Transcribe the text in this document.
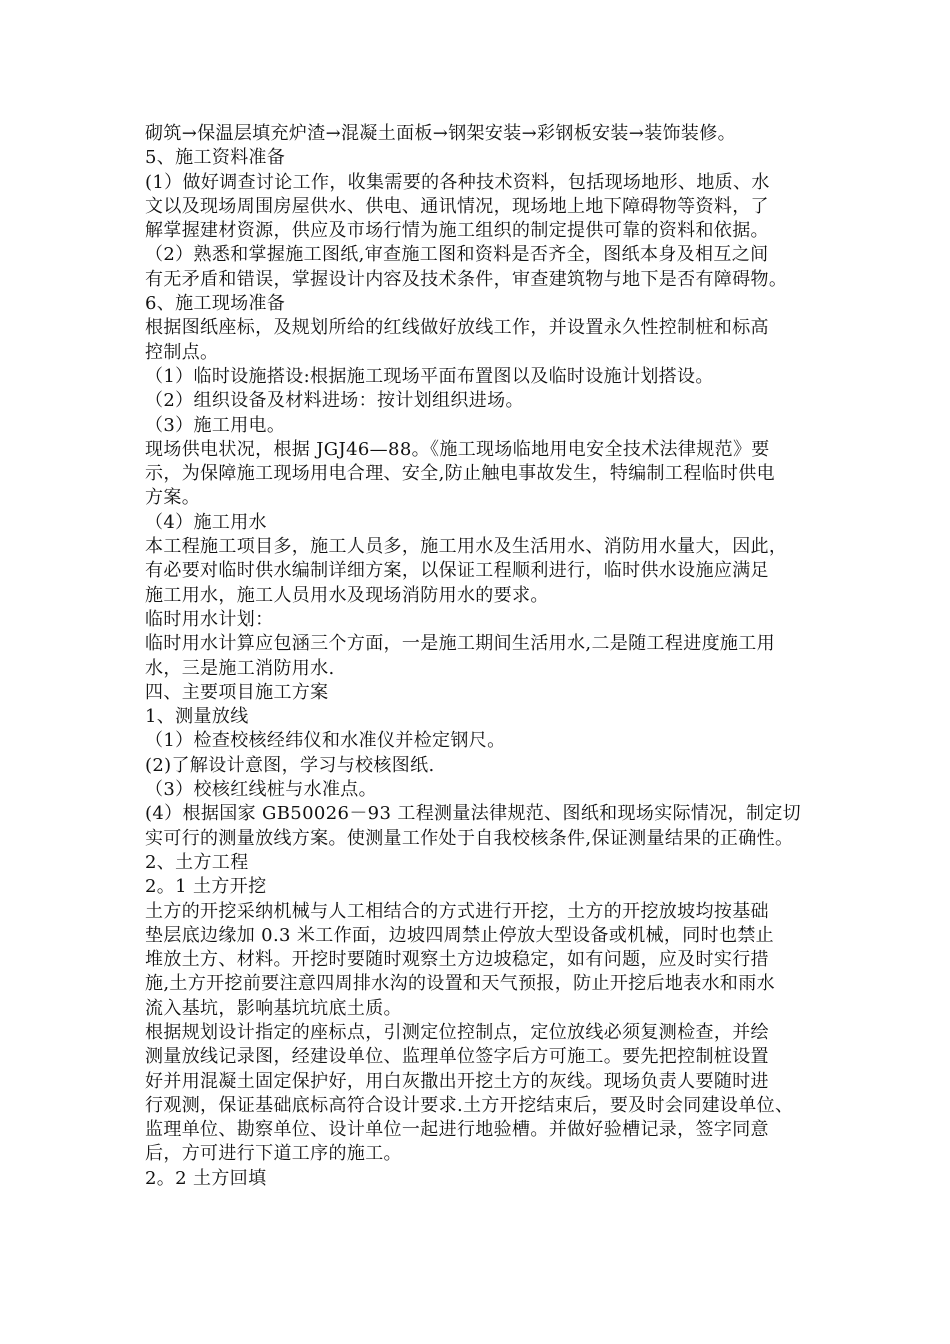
砌筑→保温层填充炉渣→混凝土面板→钢架安装→彩钢板安装→装饰装修。
5、施工资料准备
(1）做好调查讨论工作，收集需要的各种技术资料，包括现场地形、地质、水
文以及现场周围房屋供水、供电、通讯情况，现场地上地下障碍物等资料，了
解掌握建材资源，供应及市场行情为施工组织的制定提供可靠的资料和依据。
（2）熟悉和掌握施工图纸,审查施工图和资料是否齐全，图纸本身及相互之间
有无矛盾和错误，掌握设计内容及技术条件，审查建筑物与地下是否有障碍物。
6、施工现场准备
根据图纸座标，及规划所给的红线做好放线工作，并设置永久性控制桩和标高
控制点。
（1）临时设施搭设:根据施工现场平面布置图以及临时设施计划搭设。
（2）组织设备及材料进场：按计划组织进场。
（3）施工用电。
现场供电状况，根据 JGJ46—88。《施工现场临地用电安全技术法律规范》要
示，为保障施工现场用电合理、安全,防止触电事故发生，特编制工程临时供电
方案。
（4）施工用水
本工程施工项目多，施工人员多，施工用水及生活用水、消防用水量大，因此，
有必要对临时供水编制详细方案，以保证工程顺利进行，临时供水设施应满足
施工用水，施工人员用水及现场消防用水的要求。
临时用水计划：
临时用水计算应包涵三个方面，一是施工期间生活用水,二是随工程进度施工用
水，三是施工消防用水.
四、主要项目施工方案
1、测量放线
（1）检查校核经纬仪和水准仪并检定钢尺。
(2)了解设计意图，学习与校核图纸.
（3）校核红线桩与水准点。
(4）根据国家 GB50026－93 工程测量法律规范、图纸和现场实际情况，制定切
实可行的测量放线方案。使测量工作处于自我校核条件,保证测量结果的正确性。
2、土方工程
2。1 土方开挖
土方的开挖采纳机械与人工相结合的方式进行开挖，土方的开挖放坡均按基础
垫层底边缘加 0.3 米工作面，边坡四周禁止停放大型设备或机械，同时也禁止
堆放土方、材料。开挖时要随时观察土方边坡稳定，如有问题，应及时实行措
施,土方开挖前要注意四周排水沟的设置和天气预报，防止开挖后地表水和雨水
流入基坑，影响基坑坑底土质。
根据规划设计指定的座标点，引测定位控制点，定位放线必须复测检查，并绘
测量放线记录图，经建设单位、监理单位签字后方可施工。要先把控制桩设置
好并用混凝土固定保护好，用白灰撒出开挖土方的灰线。现场负责人要随时进
行观测，保证基础底标高符合设计要求.土方开挖结束后，要及时会同建设单位、
监理单位、勘察单位、设计单位一起进行地验槽。并做好验槽记录，签字同意
后，方可进行下道工序的施工。
2。2 土方回填
